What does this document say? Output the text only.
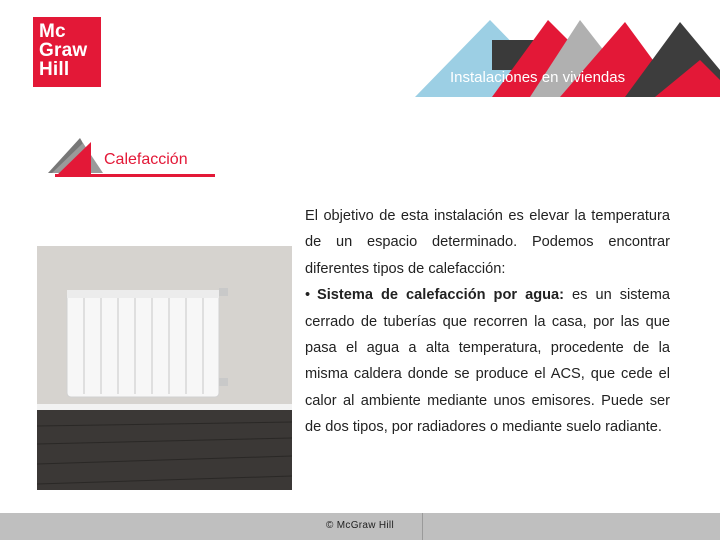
Instalaciones en viviendas
Mc
Graw
Hill
Calefacción

El objetivo de esta instalación es elevar la temperatura de un espacio determinado. Podemos encontrar diferentes tipos de calefacción:

• Sistema de calefacción por agua: es un sistema cerrado de tuberías que recorren la casa, por las que pasa el agua a alta temperatura, procedente de la misma caldera donde se produce el ACS, que cede el calor al ambiente mediante unos emisores. Puede ser de dos tipos, por radiadores o mediante suelo radiante.

© McGraw Hill
